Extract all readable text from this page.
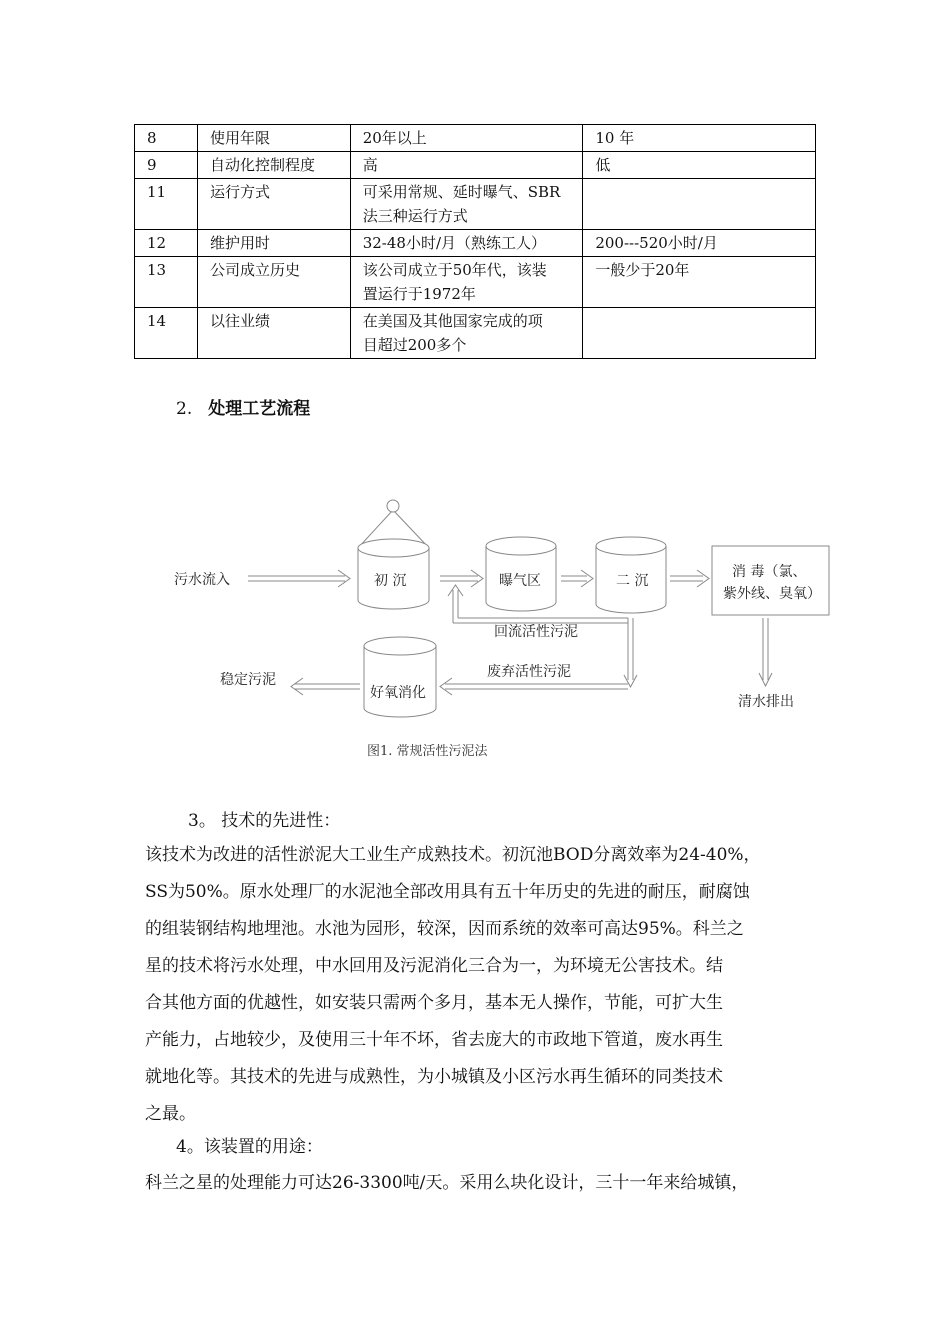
8	使用年限	20年以上	10 年

9	自动化控制程度	高	低

11	运行方式	可采用常规、延时曝气、SBR
法三种运行方式	

12	维护用时	32-48小时/月（熟练工人）	200---520小时/月

13	公司成立历史	该公司成立于50年代，该装
置运行于1972年	一般少于20年

14	以往业绩	在美国及其他国家完成的项
目超过200多个	

2. 处理工艺流程
污水流入	初 沉	曝气区	二 沉
消 毒（氯、
紫外线、臭氧）
清水排出
回流活性污泥
废弃活性污泥
好氧消化
稳定污泥
图1. 常规活性污泥法
3。 技术的先进性：
该技术为改进的活性淤泥大工业生产成熟技术。初沉池BOD分离效率为24-40%，
SS为50%。原水处理厂的水泥池全部改用具有五十年历史的先进的耐压，耐腐蚀
的组装钢结构地埋池。水池为园形，较深，因而系统的效率可高达95%。科兰之
星的技术将污水处理，中水回用及污泥消化三合为一，为环境无公害技术。结
合其他方面的优越性，如安装只需两个多月，基本无人操作，节能，可扩大生
产能力，占地较少，及使用三十年不坏，省去庞大的市政地下管道，废水再生
就地化等。其技术的先进与成熟性，为小城镇及小区污水再生循环的同类技术
之最。
4。该装置的用途：
科兰之星的处理能力可达26-3300吨/天。采用么块化设计，三十一年来给城镇，
